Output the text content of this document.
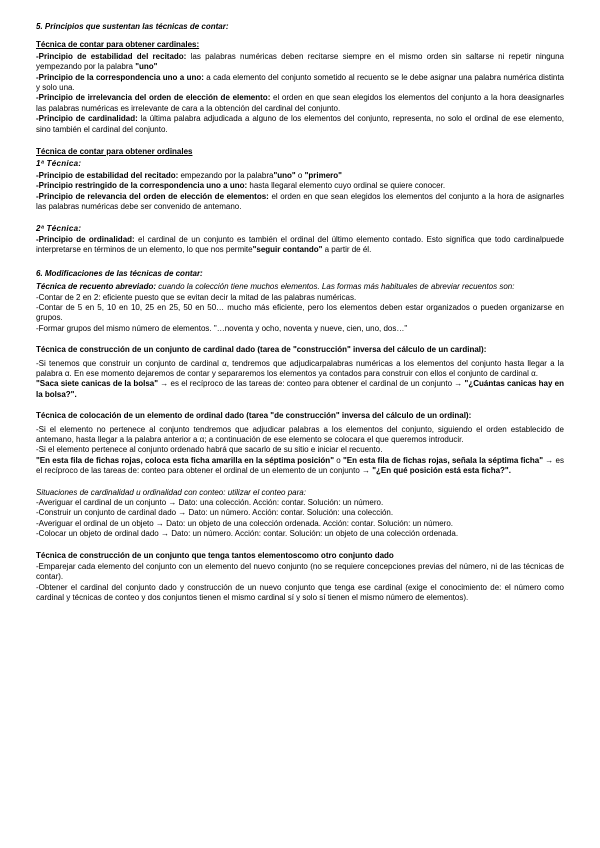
5. Principios que sustentan las técnicas de contar:
Técnica de contar para obtener cardinales:

-Principio de estabilidad del recitado: las palabras numéricas deben recitarse siempre en el mismo orden sin saltarse ni repetir ninguna yempezando por la palabra "uno"

-Principio de la correspondencia uno a uno: a cada elemento del conjunto sometido al recuento se le debe asignar una palabra numérica distinta y solo una.

-Principio de irrelevancia del orden de elección de elemento: el orden en que sean elegidos los elementos del conjunto a la hora deasignarles las palabras numéricas es irrelevante de cara a la obtención del cardinal del conjunto.

-Principio de cardinalidad: la última palabra adjudicada a alguno de los elementos del conjunto, representa, no solo el ordinal de ese elemento, sino también el cardinal del conjunto.

Técnica de contar para obtener ordinales
1ª Técnica:

-Principio de estabilidad del recitado: empezando por la palabra"uno" o "primero"

-Principio restringido de la correspondencia uno a uno: hasta llegaral elemento cuyo ordinal se quiere conocer.

-Principio de relevancia del orden de elección de elementos: el orden en que sean elegidos los elementos del conjunto a la hora de asignarles las palabras numéricas debe ser convenido de antemano.

2ª Técnica:

-Principio de ordinalidad: el cardinal de un conjunto es también el ordinal del último elemento contado. Esto significa que todo cardinalpuede interpretarse en términos de un elemento, lo que nos permite"seguir contando" a partir de él.

6. Modificaciones de las técnicas de contar:

Técnica de recuento abreviado: cuando la colección tiene muchos elementos. Las formas más habituales de abreviar recuentos son:

-Contar de 2 en 2: eficiente puesto que se evitan decir la mitad de las palabras numéricas.

-Contar de 5 en 5, 10 en 10, 25 en 25, 50 en 50… mucho más eficiente, pero los elementos deben estar organizados o pueden organizarse en grupos.

-Formar grupos del mismo número de elementos. "…noventa y ocho, noventa y nueve, cien, uno, dos…"

Técnica de construcción de un conjunto de cardinal dado (tarea de "construcción" inversa del cálculo de un cardinal):

-Si tenemos que construir un conjunto de cardinal α, tendremos que adjudicarpalabras numéricas a los elementos del conjunto hasta llegar a la palabra α. En ese momento dejaremos de contar y separaremos los elementos ya contados para construir con ellos el conjunto de cardinal α.

"Saca siete canicas de la bolsa" → es el recíproco de las tareas de: conteo para obtener el cardinal de un conjunto → "¿Cuántas canicas hay en la bolsa?".

Técnica de colocación de un elemento de ordinal dado (tarea "de construcción" inversa del cálculo de un ordinal):

-Si el elemento no pertenece al conjunto tendremos que adjudicar palabras a los elementos del conjunto, siguiendo el orden establecido de antemano, hasta llegar a la palabra anterior a α; a continuación de ese elemento se colocara el que queremos introducir.

-Si el elemento pertenece al conjunto ordenado habrá que sacarlo de su sitio e iniciar el recuento.

"En esta fila de fichas rojas, coloca esta ficha amarilla en la séptima posición" o "En esta fila de fichas rojas, señala la séptima ficha" → es el recíproco de las tareas de: conteo para obtener el ordinal de un elemento de un conjunto → "¿En qué posición está esta ficha?".

Situaciones de cardinalidad u ordinalidad con conteo: utilizar el conteo para:

-Averiguar el cardinal de un conjunto → Dato: una colección. Acción: contar. Solución: un número.

-Construir un conjunto de cardinal dado → Dato: un número. Acción: contar. Solución: una colección.

-Averiguar el ordinal de un objeto → Dato: un objeto de una colección ordenada. Acción: contar. Solución: un número.

-Colocar un objeto de ordinal dado → Dato: un número. Acción: contar. Solución: un objeto de una colección ordenada.

Técnica de construcción de un conjunto que tenga tantos elementoscomo otro conjunto dado

-Emparejar cada elemento del conjunto con un elemento del nuevo conjunto (no se requiere concepciones previas del número, ni de las técnicas de contar).

-Obtener el cardinal del conjunto dado y construcción de un nuevo conjunto que tenga ese cardinal (exige el conocimiento de: el número como cardinal y técnicas de conteo y dos conjuntos tienen el mismo cardinal sí y solo sí tienen el mismo número de elementos).
